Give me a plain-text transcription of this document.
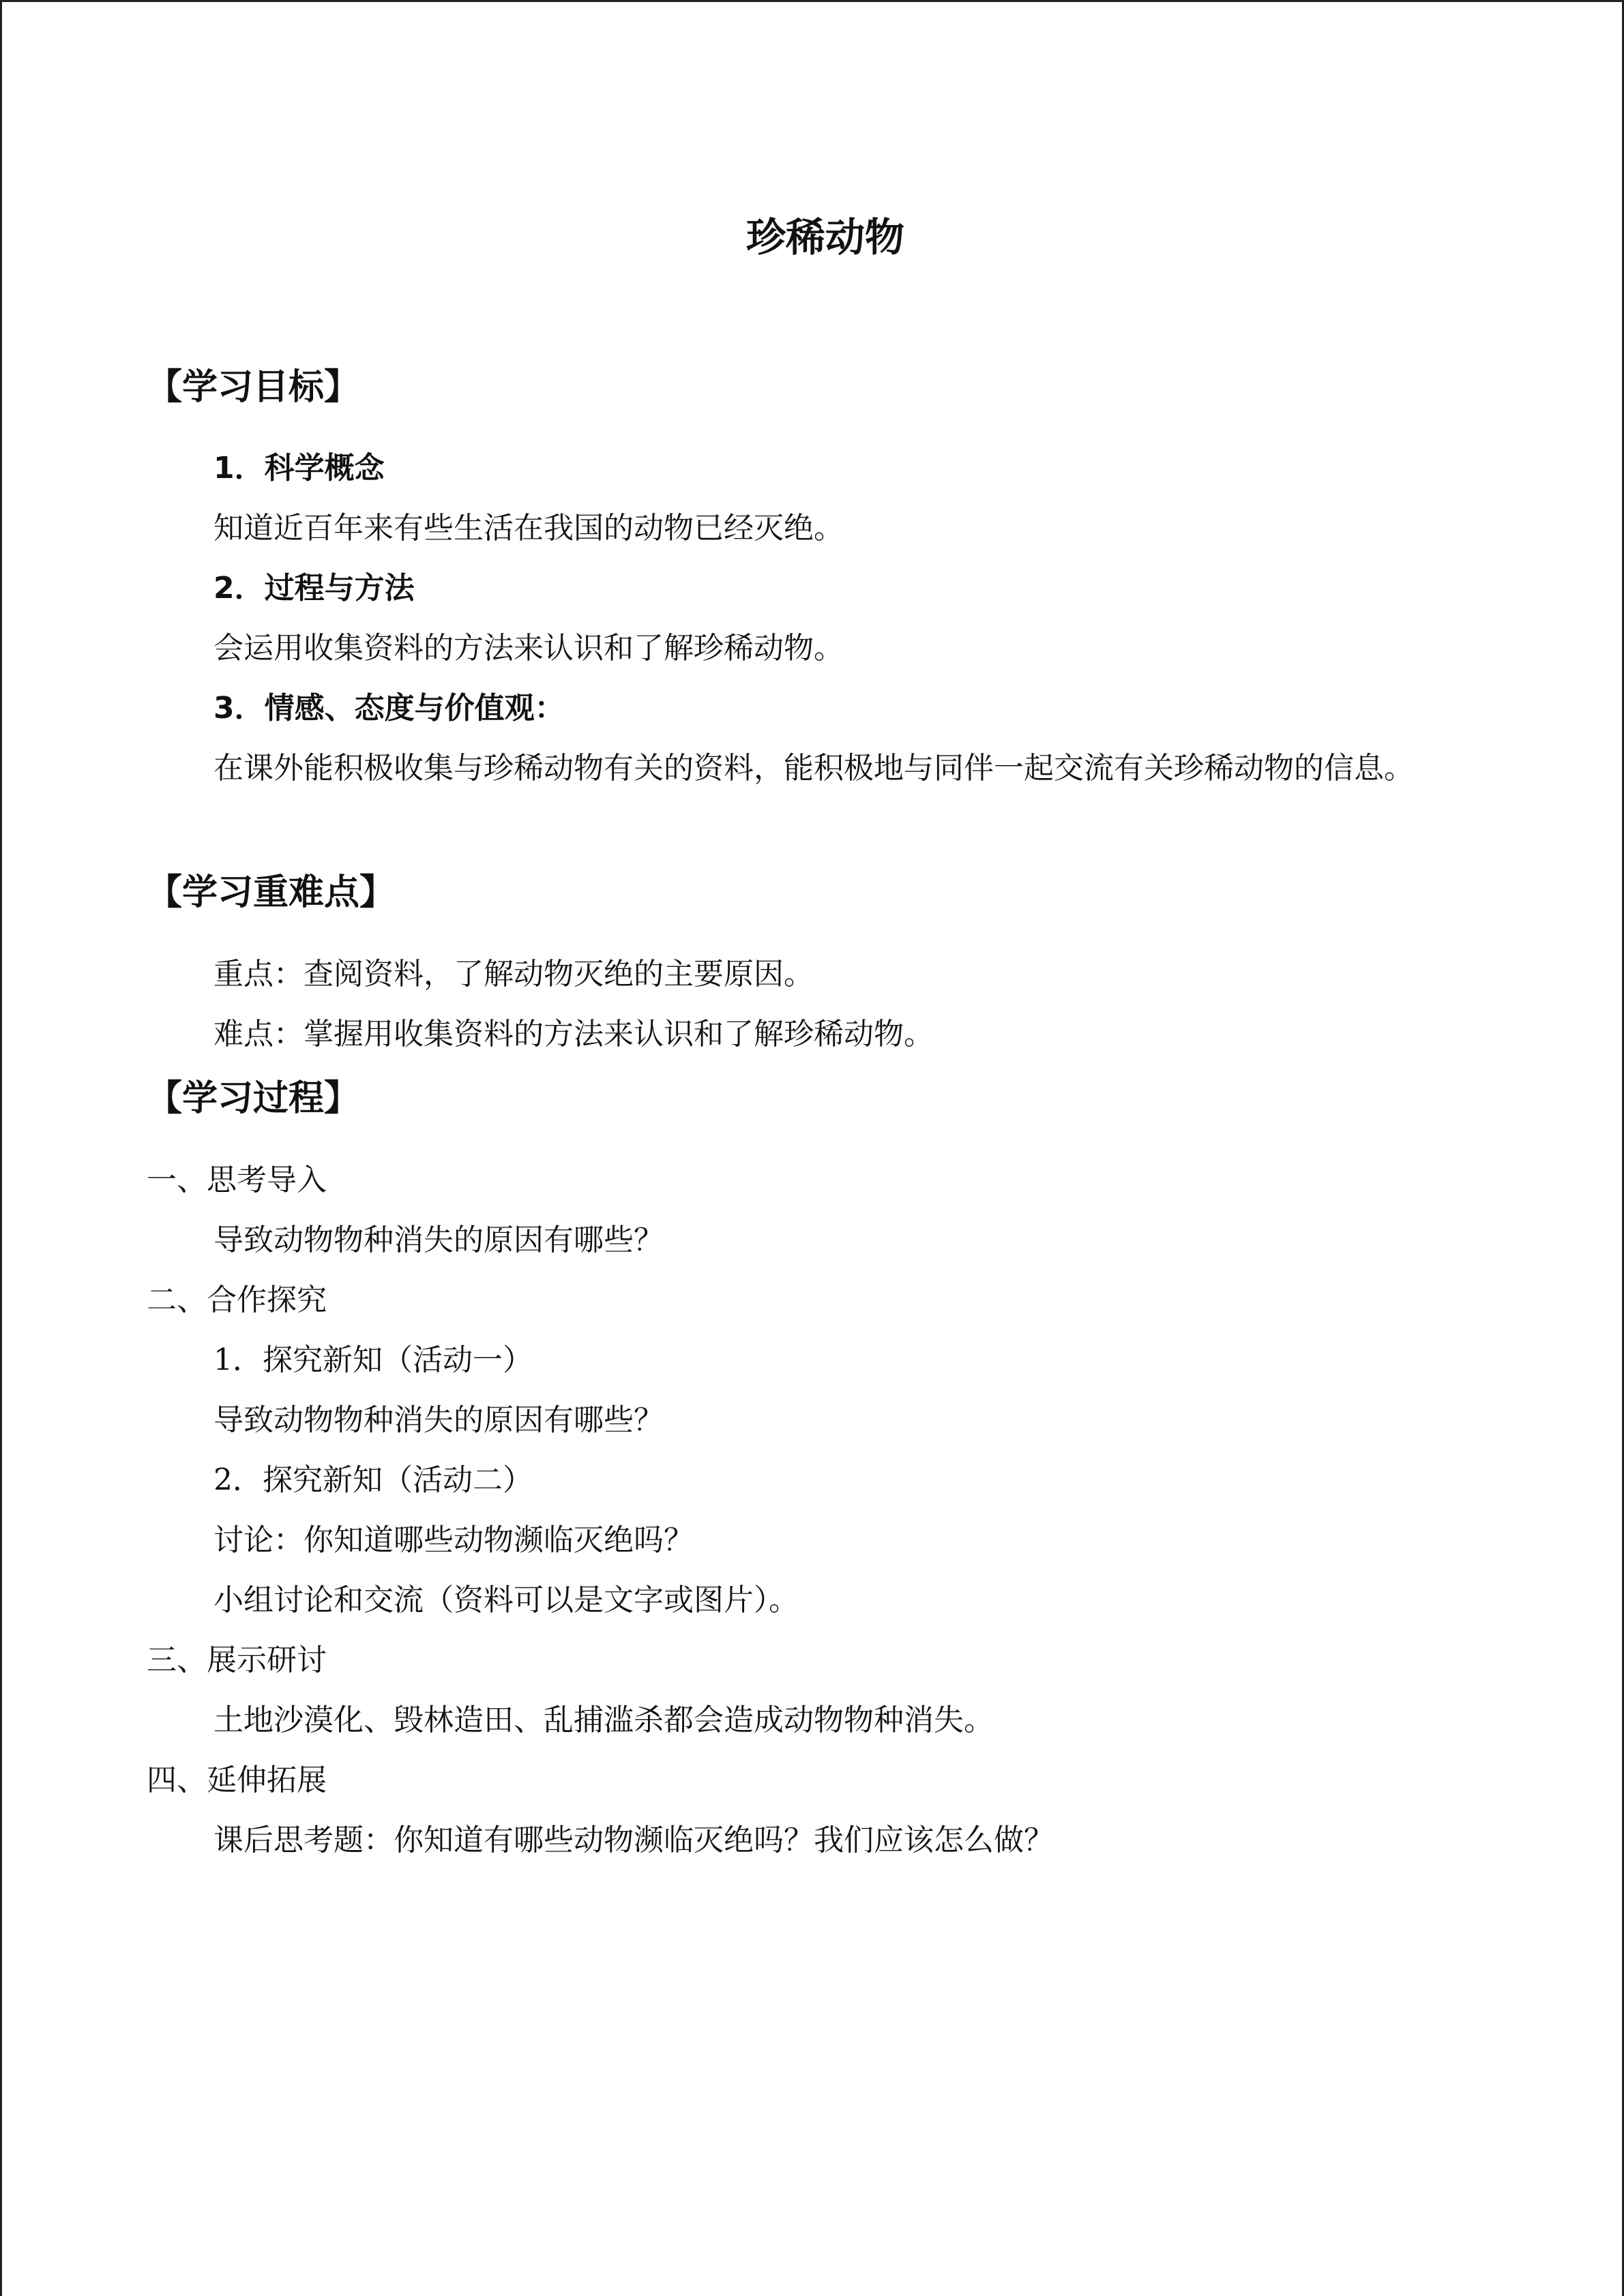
珍稀动物
【学习目标】
1．科学概念
知道近百年来有些生活在我国的动物已经灭绝。
2．过程与方法
会运用收集资料的方法来认识和了解珍稀动物。
3．情感、态度与价值观：
在课外能积极收集与珍稀动物有关的资料，能积极地与同伴一起交流有关珍稀动物的信息。
【学习重难点】
重点：查阅资料，了解动物灭绝的主要原因。
难点：掌握用收集资料的方法来认识和了解珍稀动物。
【学习过程】
一、思考导入
导致动物物种消失的原因有哪些？
二、合作探究
1．探究新知（活动一）
导致动物物种消失的原因有哪些？
2．探究新知（活动二）
讨论：你知道哪些动物濒临灭绝吗？
小组讨论和交流（资料可以是文字或图片）。
三、展示研讨
土地沙漠化、毁林造田、乱捕滥杀都会造成动物物种消失。
四、延伸拓展
课后思考题：你知道有哪些动物濒临灭绝吗？我们应该怎么做？
